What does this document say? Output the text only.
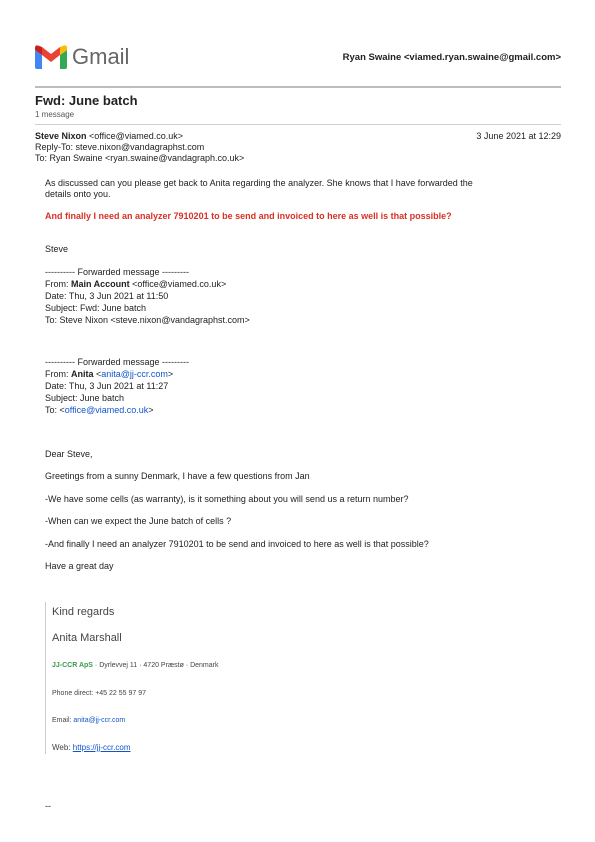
Gmail	Ryan Swaine <viamed.ryan.swaine@gmail.com>
Fwd: June batch
1 message
Steve Nixon <office@viamed.co.uk>	3 June 2021 at 12:29
Reply-To: steve.nixon@vandagraphst.com
To: Ryan Swaine <ryan.swaine@vandagraph.co.uk>
As discussed can you please get back to Anita regarding the analyzer. She knows that I have forwarded the
details onto you.
And finally I need an analyzer 7910201 to be send and invoiced to here as well is that possible?
Steve
---------- Forwarded message ---------
From: Main Account <office@viamed.co.uk>
Date: Thu, 3 Jun 2021 at 11:50
Subject: Fwd: June batch
To: Steve Nixon <steve.nixon@vandagraphst.com>
---------- Forwarded message ---------
From: Anita <anita@jj-ccr.com>
Date: Thu, 3 Jun 2021 at 11:27
Subject: June batch
To: <office@viamed.co.uk>
Dear Steve,
Greetings from a sunny Denmark, I have a few questions from Jan
-We have some cells (as warranty), is it something about you will send us a return number?
-When can we expect the June batch of cells ?
-And finally I need an analyzer 7910201 to be send and invoiced to here as well is that possible?
Have a great day
Kind regards
Anita Marshall
JJ-CCR ApS · Dyrlevvej 11 · 4720 Præstø · Denmark
Phone direct: +45 22 55 97 97
Email: anita@jj-ccr.com
Web: https://jj-ccr.com
--
